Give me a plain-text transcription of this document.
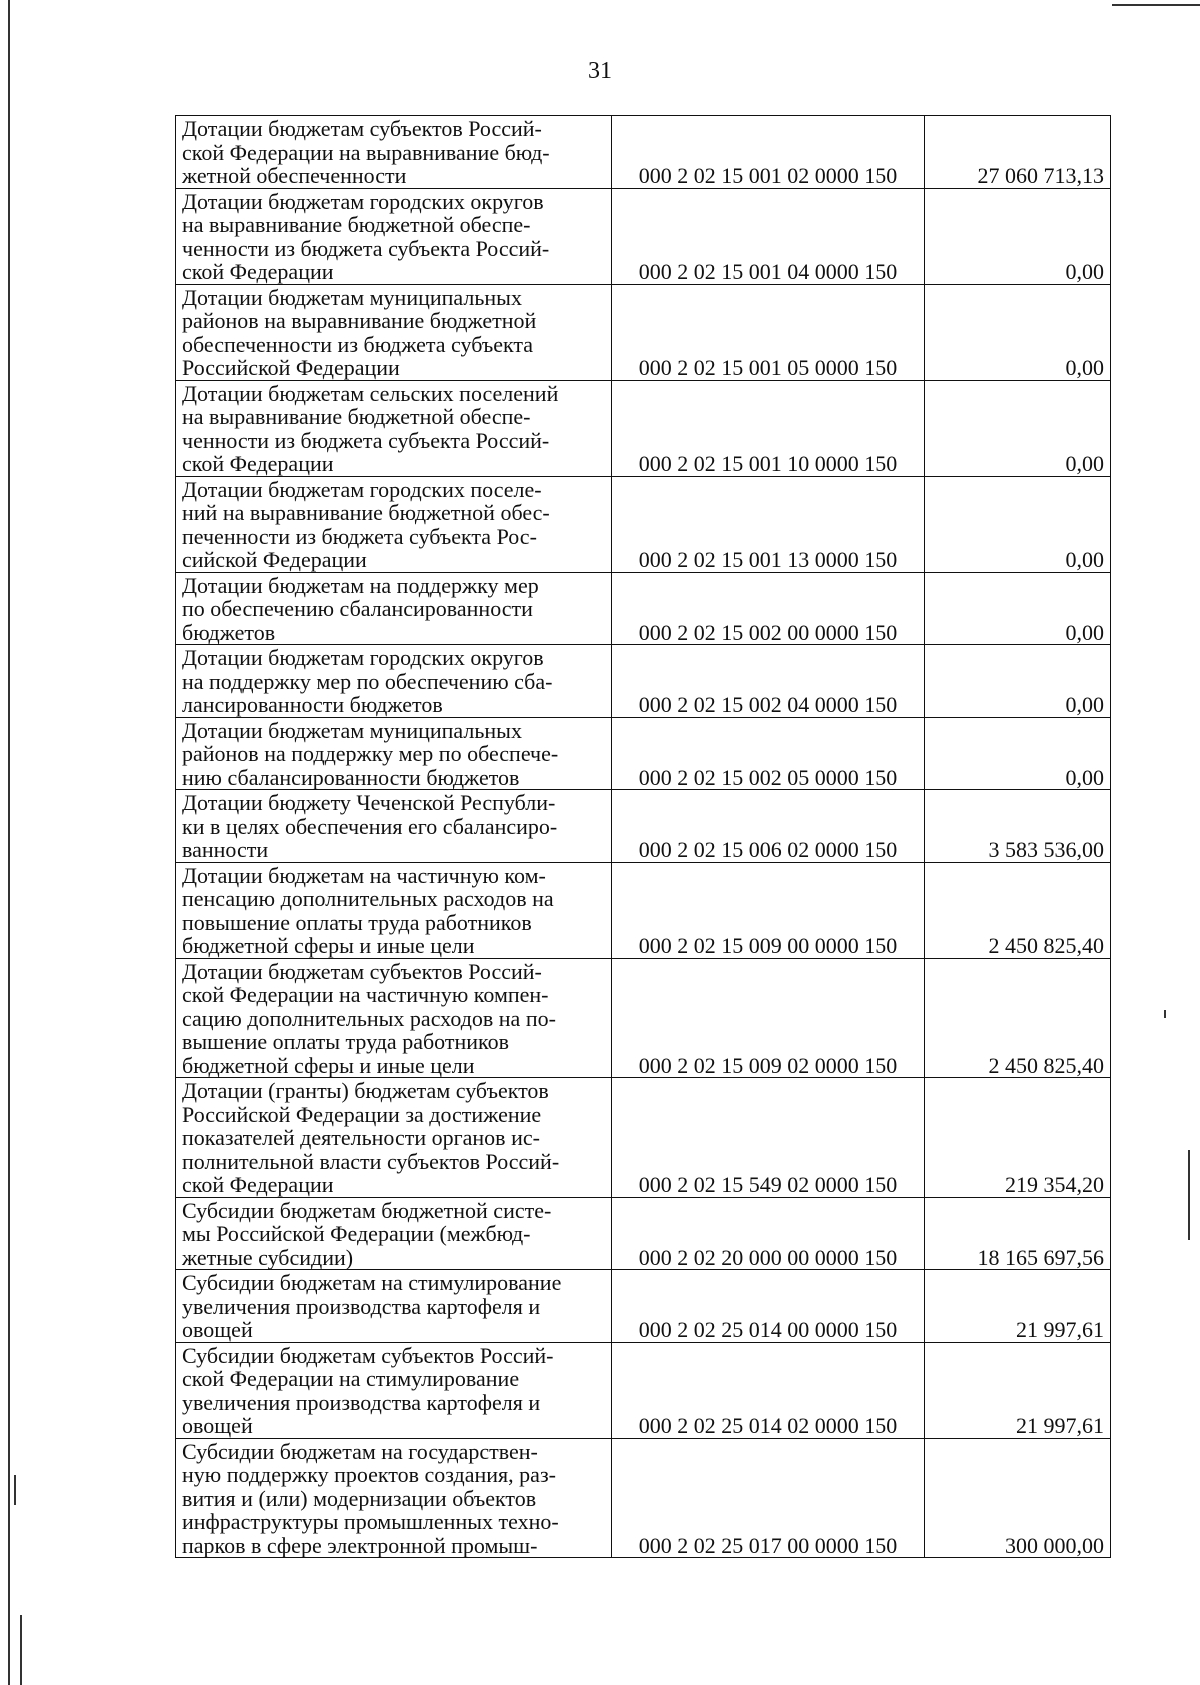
31
Дотации бюджетам субъектов Россий-
ской Федерации на выравнивание бюд-
жетной обеспеченности	000 2 02 15 001 02 0000 150	27 060 713,13

Дотации бюджетам городских округов
на выравнивание бюджетной обеспе-
ченности из бюджета субъекта Россий-
ской Федерации	000 2 02 15 001 04 0000 150	0,00

Дотации бюджетам муниципальных
районов на выравнивание бюджетной
обеспеченности из бюджета субъекта
Российской Федерации	000 2 02 15 001 05 0000 150	0,00

Дотации бюджетам сельских поселений
на выравнивание бюджетной обеспе-
ченности из бюджета субъекта Россий-
ской Федерации	000 2 02 15 001 10 0000 150	0,00

Дотации бюджетам городских поселе-
ний на выравнивание бюджетной обес-
печенности из бюджета субъекта Рос-
сийской Федерации	000 2 02 15 001 13 0000 150	0,00

Дотации бюджетам на поддержку мер
по обеспечению сбалансированности
бюджетов	000 2 02 15 002 00 0000 150	0,00

Дотации бюджетам городских округов
на поддержку мер по обеспечению сба-
лансированности бюджетов	000 2 02 15 002 04 0000 150	0,00

Дотации бюджетам муниципальных
районов на поддержку мер по обеспече-
нию сбалансированности бюджетов	000 2 02 15 002 05 0000 150	0,00

Дотации бюджету Чеченской Республи-
ки в целях обеспечения его сбалансиро-
ванности	000 2 02 15 006 02 0000 150	3 583 536,00

Дотации бюджетам на частичную ком-
пенсацию дополнительных расходов на
повышение оплаты труда работников
бюджетной сферы и иные цели	000 2 02 15 009 00 0000 150	2 450 825,40

Дотации бюджетам субъектов Россий-
ской Федерации на частичную компен-
сацию дополнительных расходов на по-
вышение оплаты труда работников
бюджетной сферы и иные цели	000 2 02 15 009 02 0000 150	2 450 825,40

Дотации (гранты) бюджетам субъектов
Российской Федерации за достижение
показателей деятельности органов ис-
полнительной власти субъектов Россий-
ской Федерации	000 2 02 15 549 02 0000 150	219 354,20

Субсидии бюджетам бюджетной систе-
мы Российской Федерации (межбюд-
жетные субсидии)	000 2 02 20 000 00 0000 150	18 165 697,56

Субсидии бюджетам на стимулирование
увеличения производства картофеля и
овощей	000 2 02 25 014 00 0000 150	21 997,61

Субсидии бюджетам субъектов Россий-
ской Федерации на стимулирование
увеличения производства картофеля и
овощей	000 2 02 25 014 02 0000 150	21 997,61

Субсидии бюджетам на государствен-
ную поддержку проектов создания, раз-
вития и (или) модернизации объектов
инфраструктуры промышленных техно-
парков в сфере электронной промыш-	000 2 02 25 017 00 0000 150	300 000,00
